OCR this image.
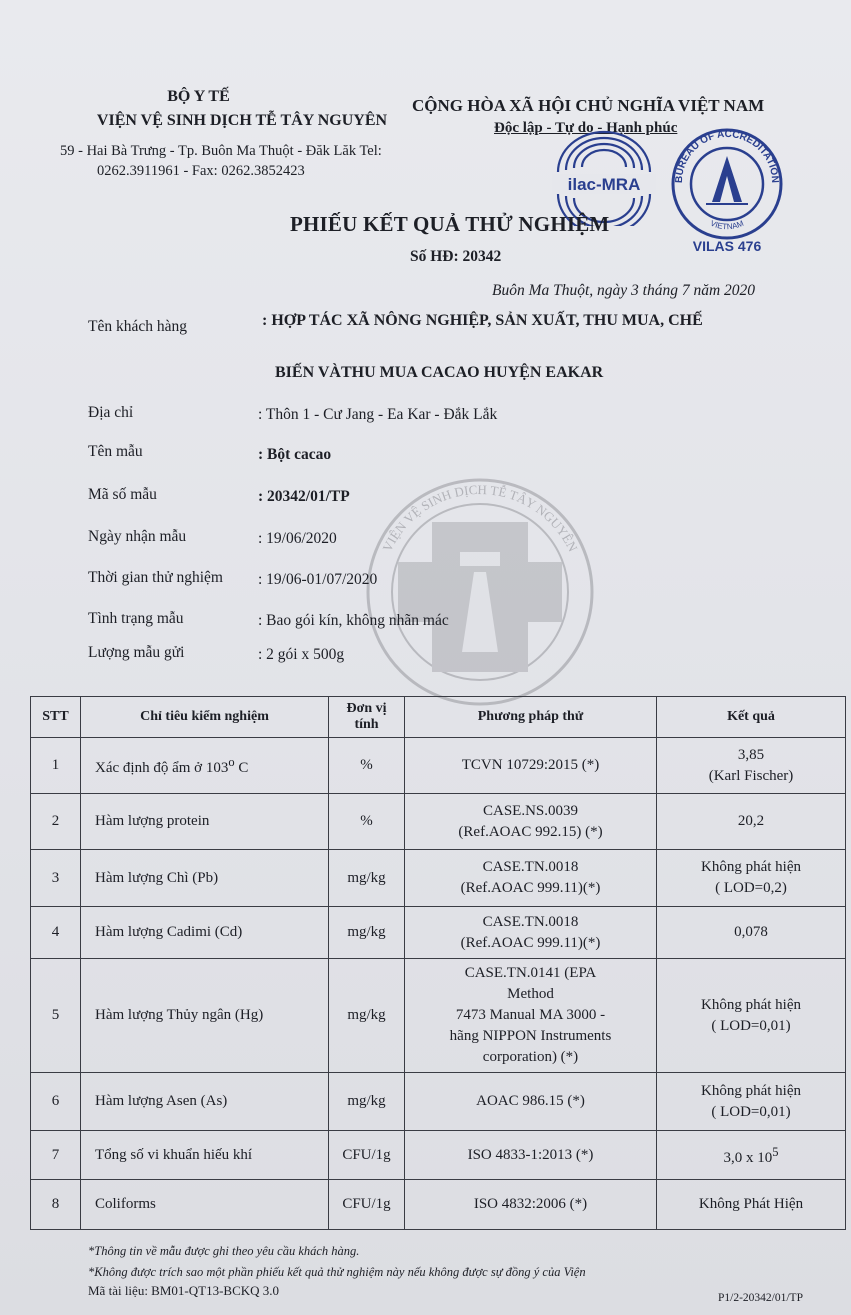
BỘ Y TẾ
VIỆN VỆ SINH DỊCH TỄ TÂY NGUYÊN
59 - Hai Bà Trưng - Tp. Buôn Ma Thuột - Đăk Lăk Tel:
0262.3911961 - Fax: 0262.3852423
CỘNG HÒA XÃ HỘI CHỦ NGHĨA VIỆT NAM
Độc lập - Tự do - Hạnh phúc
ilac-MRA	BUREAU OF ACCREDITATION
VIETNAM
VILAS 476
VIỆN VỆ SINH DỊCH TỄ TÂY NGUYÊN
PHIẾU KẾT QUẢ THỬ NGHIỆM
Số HĐ: 20342
Buôn Ma Thuột, ngày 3 tháng 7 năm 2020
Tên khách hàng	: HỢP TÁC XÃ NÔNG NGHIỆP, SẢN XUẤT, THU MUA, CHẾ
BIẾN VÀTHU MUA CACAO HUYỆN EAKAR
Địa chỉ	: Thôn 1 - Cư Jang - Ea Kar - Đắk Lắk
Tên mẫu	: Bột cacao
Mã số mẫu	: 20342/01/TP
Ngày nhận mẫu	: 19/06/2020
Thời gian thử nghiệm : 19/06-01/07/2020
Tình trạng mẫu	: Bao gói kín, không nhãn mác
Lượng mẫu gửi	: 2 gói x 500g
STT	Chỉ tiêu kiểm nghiệm	Đơn vị
tính	Phương pháp thử	Kết quả
1	Xác định độ ẩm ở 103$^o$ C	%	TCVN 10729:2015 (*)	3,85
(Karl Fischer)
2	Hàm lượng protein	%	CASE.NS.0039
(Ref.AOAC 992.15) (*)	20,2
3	Hàm lượng Chì (Pb)	mg/kg	CASE.TN.0018
(Ref.AOAC 999.11)(*)	Không phát hiện
( LOD=0,2)
4	Hàm lượng Cadimi (Cd)	mg/kg	CASE.TN.0018
(Ref.AOAC 999.11)(*)	0,078
5	Hàm lượng Thủy ngân (Hg)	mg/kg	CASE.TN.0141 (EPA
Method
7473 Manual MA 3000 -
hãng NIPPON Instruments
corporation) (*)	Không phát hiện
( LOD=0,01)
6	Hàm lượng Asen (As)	mg/kg	AOAC 986.15 (*)	Không phát hiện
( LOD=0,01)
7	Tổng số vi khuẩn hiếu khí	CFU/1g	ISO 4833-1:2013 (*)	3,0 x $10^5$
8	Coliforms	CFU/1g	ISO 4832:2006 (*)	Không Phát Hiện
*Thông tin về mẫu được ghi theo yêu cầu khách hàng.
*Không được trích sao một phần phiếu kết quả thử nghiệm này nếu không được sự đồng ý của Viện
Mã tài liệu: BM01-QT13-BCKQ 3.0	P1/2-20342/01/TP
